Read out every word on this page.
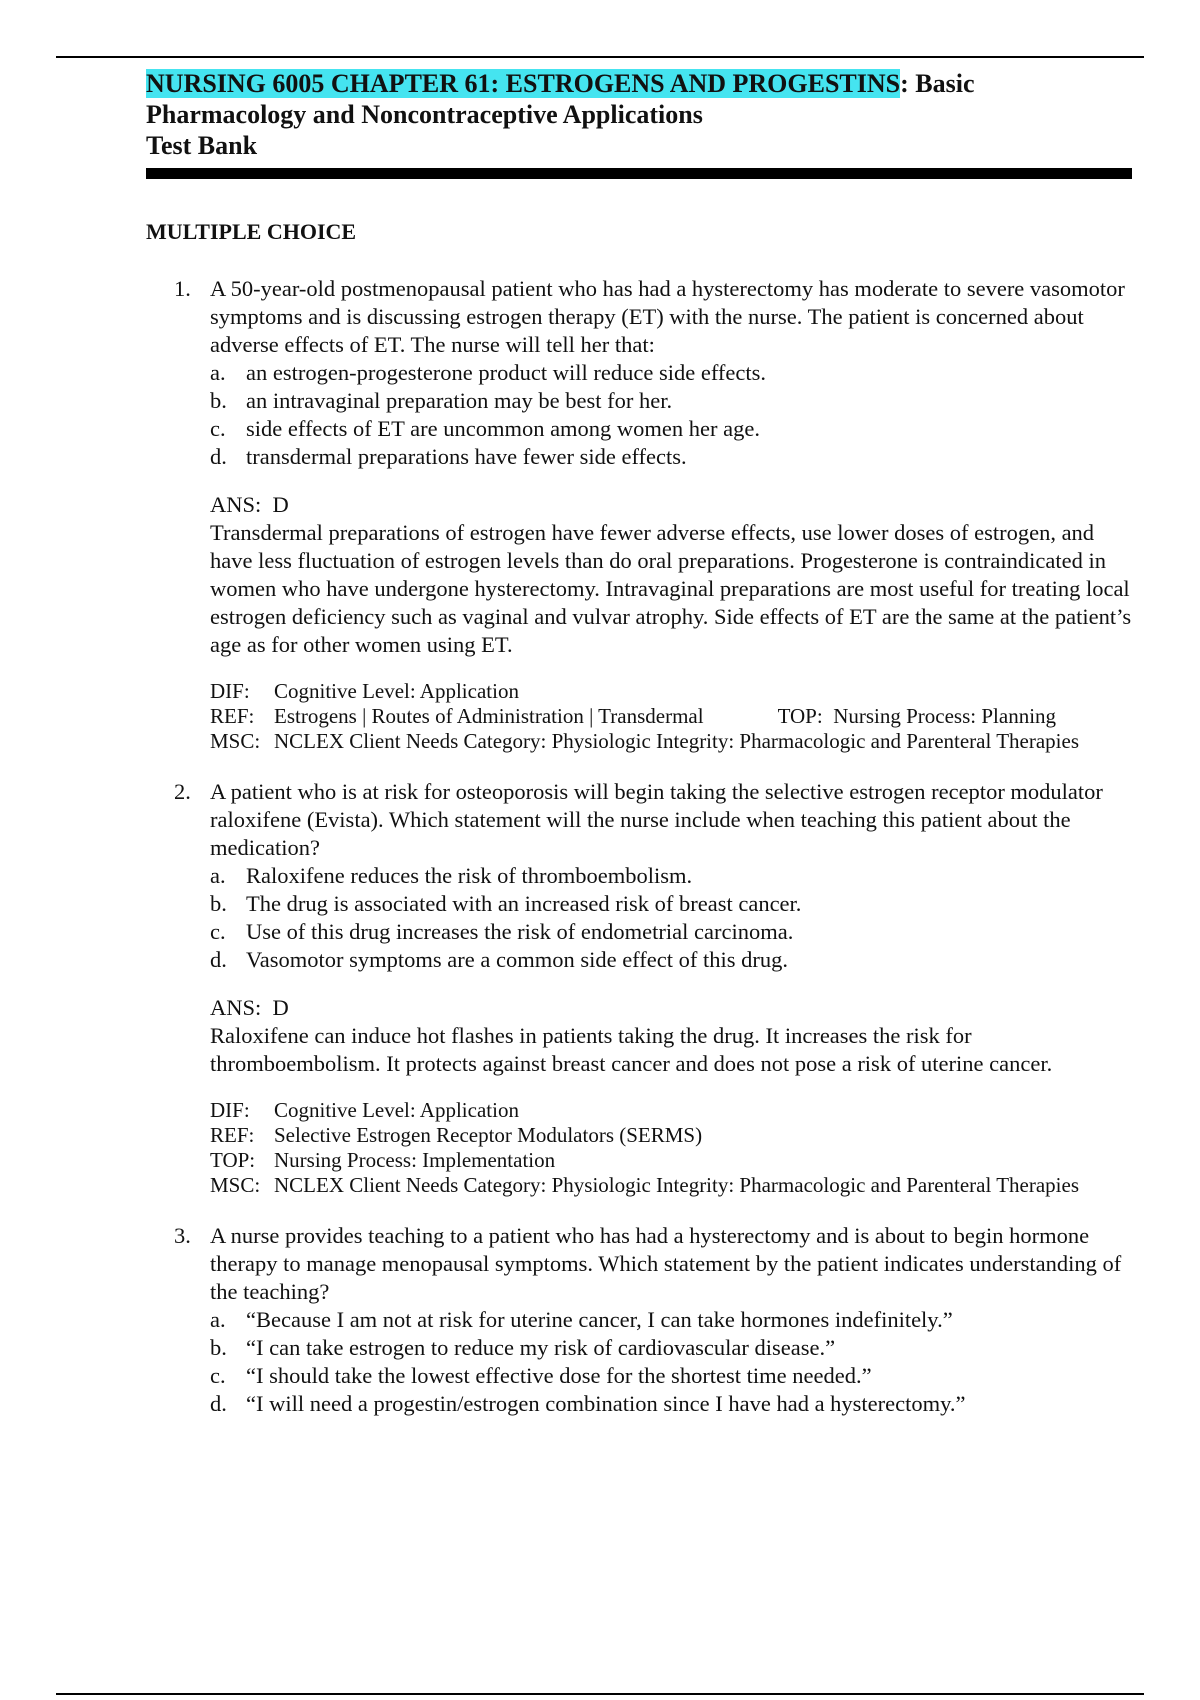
NURSING 6005 CHAPTER 61: ESTROGENS AND PROGESTINS: Basic
Pharmacology and Noncontraceptive Applications
Test Bank
MULTIPLE CHOICE
1. A 50-year-old postmenopausal patient who has had a hysterectomy has moderate to severe vasomotor symptoms and is discussing estrogen therapy (ET) with the nurse. The patient is concerned about adverse effects of ET. The nurse will tell her that:
a. an estrogen-progesterone product will reduce side effects.
b. an intravaginal preparation may be best for her.
c. side effects of ET are uncommon among women her age.
d. transdermal preparations have fewer side effects.
ANS: D
Transdermal preparations of estrogen have fewer adverse effects, use lower doses of estrogen, and have less fluctuation of estrogen levels than do oral preparations. Progesterone is contraindicated in women who have undergone hysterectomy. Intravaginal preparations are most useful for treating local estrogen deficiency such as vaginal and vulvar atrophy. Side effects of ET are the same at the patient’s age as for other women using ET.
DIF:	Cognitive Level: Application
REF: Estrogens | Routes of Administration | Transdermal	TOP:
Nursing Process: Planning
MSC: NCLEX Client Needs Category: Physiologic Integrity: Pharmacologic and Parenteral Therapies
2. A patient who is at risk for osteoporosis will begin taking the selective estrogen receptor modulator raloxifene (Evista). Which statement will the nurse include when teaching this patient about the medication?
a. Raloxifene reduces the risk of thromboembolism.
b. The drug is associated with an increased risk of breast cancer.
c. Use of this drug increases the risk of endometrial carcinoma.
d. Vasomotor symptoms are a common side effect of this drug.
ANS: D
Raloxifene can induce hot flashes in patients taking the drug. It increases the risk for thromboembolism. It protects against breast cancer and does not pose a risk of uterine cancer.
DIF:	Cognitive Level: Application
REF: Selective Estrogen Receptor Modulators (SERMS)
TOP: Nursing Process: Implementation
MSC: NCLEX Client Needs Category: Physiologic Integrity: Pharmacologic and Parenteral Therapies
3. A nurse provides teaching to a patient who has had a hysterectomy and is about to begin hormone therapy to manage menopausal symptoms. Which statement by the patient indicates understanding of the teaching?
a. “Because I am not at risk for uterine cancer, I can take hormones indefinitely.”
b. “I can take estrogen to reduce my risk of cardiovascular disease.”
c. “I should take the lowest effective dose for the shortest time needed.”
d. “I will need a progestin/estrogen combination since I have had a hysterectomy.”
